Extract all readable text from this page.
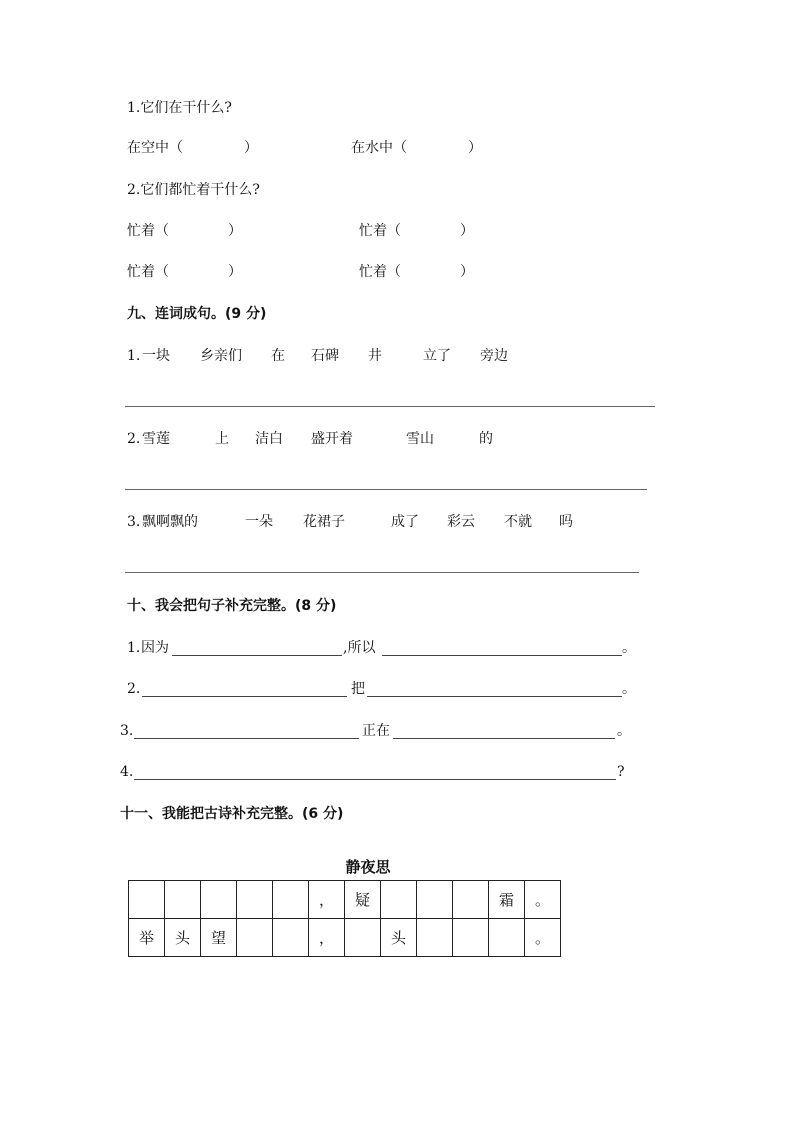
1.它们在干什么?
在空中（	）	在水中（	）
2.它们都忙着干什么?
忙着（	）	忙着（	）
忙着（	）	忙着（	）
九、连词成句。(9 分)
1. 一块 乡亲们 在 石碑 井	立了 旁边
2. 雪莲	上 洁白 盛开着	雪山	的
3. 飘啊飘的	一朵 花裙子	成了 彩云 不就 吗
十、我会把句子补充完整。(8 分)
1. 因为	,所以	。
2.	把	。
3.	正在	。
4.	?
十一、我能把古诗补充完整。(6 分)
静夜思
					，	疑				霜	。
举	头	望			，		头				。
